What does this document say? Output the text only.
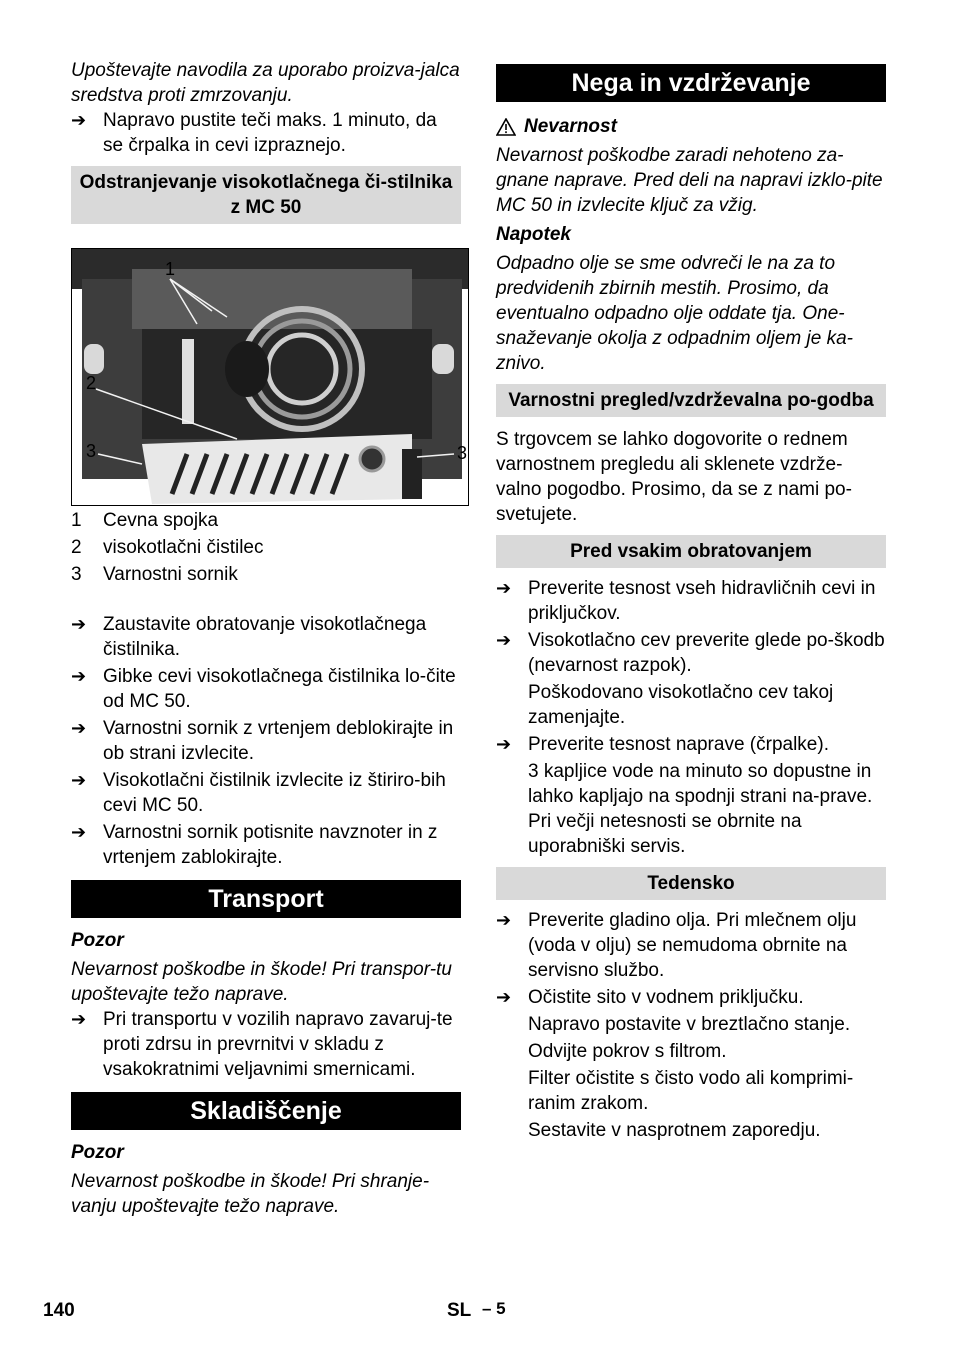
Upoštevajte navodila za uporabo proizva-jalca sredstva proti zmrzovanju.

➔ Napravo pustite teči maks. 1 minuto, da se črpalka in cevi izpraznejo.

Odstranjevanje visokotlačnega či-stilnika z MC 50

1
2
3	3
1 Cevna spojka
2 visokotlačni čistilec
3 Varnostni sornik
➔ Zaustavite obratovanje visokotlačnega čistilnika.
➔ Gibke cevi visokotlačnega čistilnika lo-čite od MC 50.
➔ Varnostni sornik z vrtenjem deblokirajte in ob strani izvlecite.
➔ Visokotlačni čistilnik izvlecite iz štiriro-bih cevi MC 50.
➔ Varnostni sornik potisnite navznoter in z vrtenjem zablokirajte.

Transport

Pozor

Nevarnost poškodbe in škode! Pri transpor-tu upoštevajte težo naprave.

➔ Pri transportu v vozilih napravo zavaruj-te proti zdrsu in prevrnitvi v skladu z vsakokratnimi veljavnimi smernicami.

Skladiščenje

Pozor

Nevarnost poškodbe in škode! Pri shranje-vanju upoštevajte težo naprave.

Nega in vzdrževanje

Nevarnost

Nevarnost poškodbe zaradi nehoteno za-gnane naprave. Pred deli na napravi izklo-pite MC 50 in izvlecite ključ za vžig.

Napotek

Odpadno olje se sme odvreči le na za to predvidenih zbirnih mestih. Prosimo, da eventualno odpadno olje oddate tja. One-snaževanje okolja z odpadnim oljem je ka-znivo.

Varnostni pregled/vzdrževalna po-godba

S trgovcem se lahko dogovorite o rednem varnostnem pregledu ali sklenete vzdrže-valno pogodbo. Prosimo, da se z nami po-svetujete.

Pred vsakim obratovanjem

➔ Preverite tesnost vseh hidravličnih cevi in priključkov.
➔ Visokotlačno cev preverite glede po-škodb (nevarnost razpok).

Poškodovano visokotlačno cev takoj zamenjajte.

➔ Preverite tesnost naprave (črpalke).

3 kapljice vode na minuto so dopustne in lahko kapljajo na spodnji strani na-prave. Pri večji netesnosti se obrnite na uporabniški servis.

Tedensko

➔ Preverite gladino olja. Pri mlečnem olju (voda v olju) se nemudoma obrnite na servisno službo.
➔ Očistite sito v vodnem priključku.

Napravo postavite v breztlačno stanje.

Odvijte pokrov s filtrom.

Filter očistite s čisto vodo ali komprimi-ranim zrakom.

Sestavite v nasprotnem zaporedju.

140	SL – 5
